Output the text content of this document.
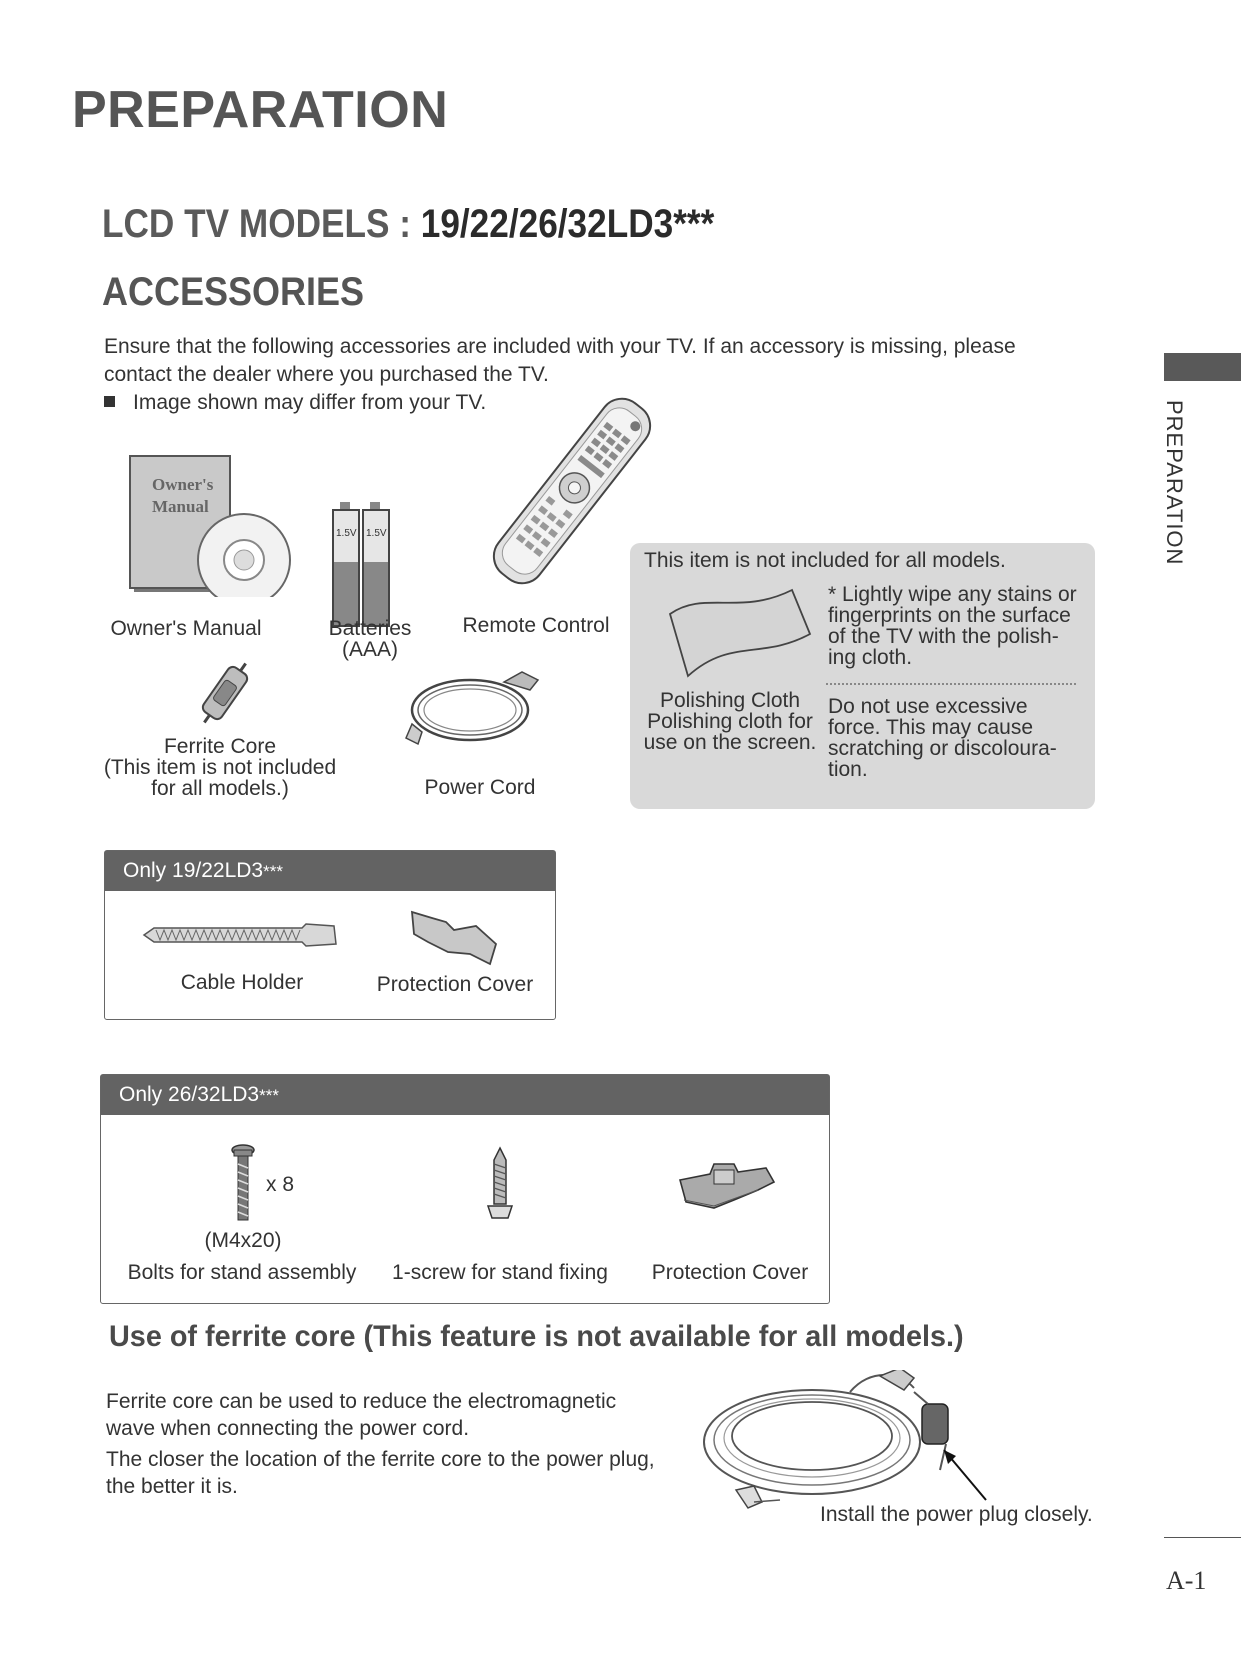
PREPARATION
LCD TV MODELS : 19/22/26/32LD3***
ACCESSORIES
Ensure that the following accessories are included with your TV. If an accessory is missing, please contact the dealer where you purchased the TV.
Image shown may differ from your TV.	PREPARATION
A-1
Owner's
Manual
1.5V 1.5V
Owner's Manual	Batteries
(AAA)
Remote Control
Ferrite Core
(This item is not included
for all models.)	Power Cord
This item is not included for all models.
* Lightly wipe any stains or
fingerprints on the surface
of the TV with the polish-
ing cloth.
Do not use excessive
force. This may cause
scratching or discoloura-
tion.
Polishing Cloth
Polishing cloth for
use on the screen.
Only 19/22LD3***
Cable Holder	Protection Cover
Only 26/32LD3***
x 8
(M4x20)
Bolts for stand assembly 1-screw for stand fixing	Protection Cover
Use of ferrite core (This feature is not available for all models.)
Ferrite core can be used to reduce the electromagnetic wave when connecting the power cord.
The closer the location of the ferrite core to the power plug, the better it is.
Install the power plug closely.
